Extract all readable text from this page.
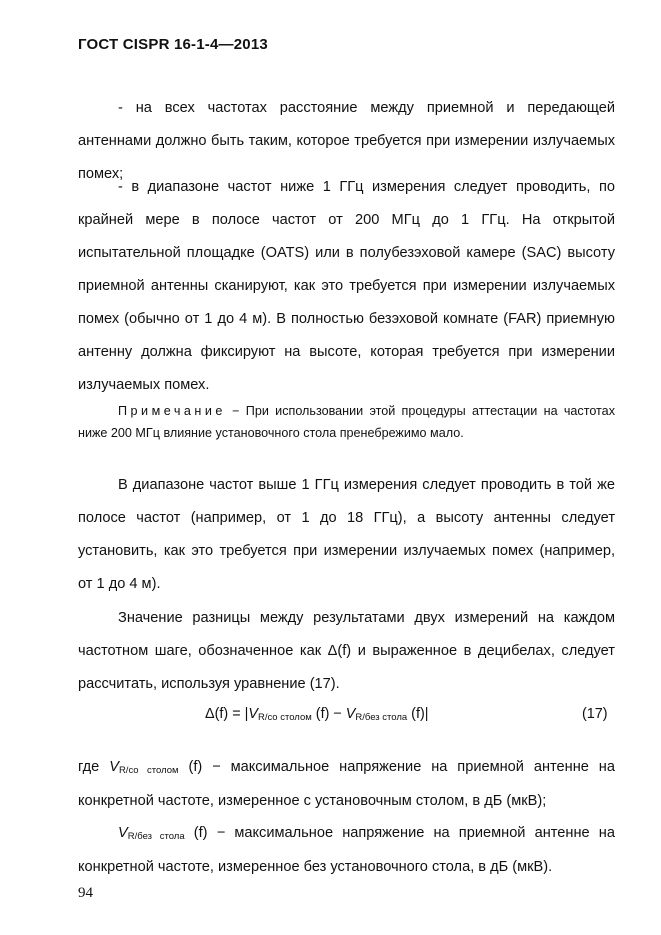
ГОСТ CISPR 16-1-4—2013
- на всех частотах расстояние между приемной и передающей антеннами должно быть таким, которое требуется при измерении излучаемых помех;
- в диапазоне частот ниже 1 ГГц измерения следует проводить, по крайней мере в полосе частот от 200 МГц до 1 ГГц. На открытой испытательной площадке (OATS) или в полубезэховой камере (SAC) высоту приемной антенны сканируют, как это требуется при измерении излучаемых помех (обычно от 1 до 4 м). В полностью безэховой комнате (FAR) приемную антенну должна фиксируют на высоте, которая требуется при измерении излучаемых помех.
Примечание − При использовании этой процедуры аттестации на частотах ниже 200 МГц влияние установочного стола пренебрежимо мало.
В диапазоне частот выше 1 ГГц измерения следует проводить в той же полосе частот (например, от 1 до 18 ГГц), а высоту антенны следует установить, как это требуется при измерении излучаемых помех (например, от 1 до 4 м).
Значение разницы между результатами двух измерений на каждом частотном шаге, обозначенное как Δ(f) и выраженное в децибелах, следует рассчитать, используя уравнение (17).
Δ(f) = |VR/со столом (f) − VR/без стола (f)|	(17)
где VR/со столом (f) − максимальное напряжение на приемной антенне на конкретной частоте, измеренное с установочным столом, в дБ (мкВ);
VR/без стола (f) − максимальное напряжение на приемной антенне на конкретной частоте, измеренное без установочного стола, в дБ (мкВ).
94
